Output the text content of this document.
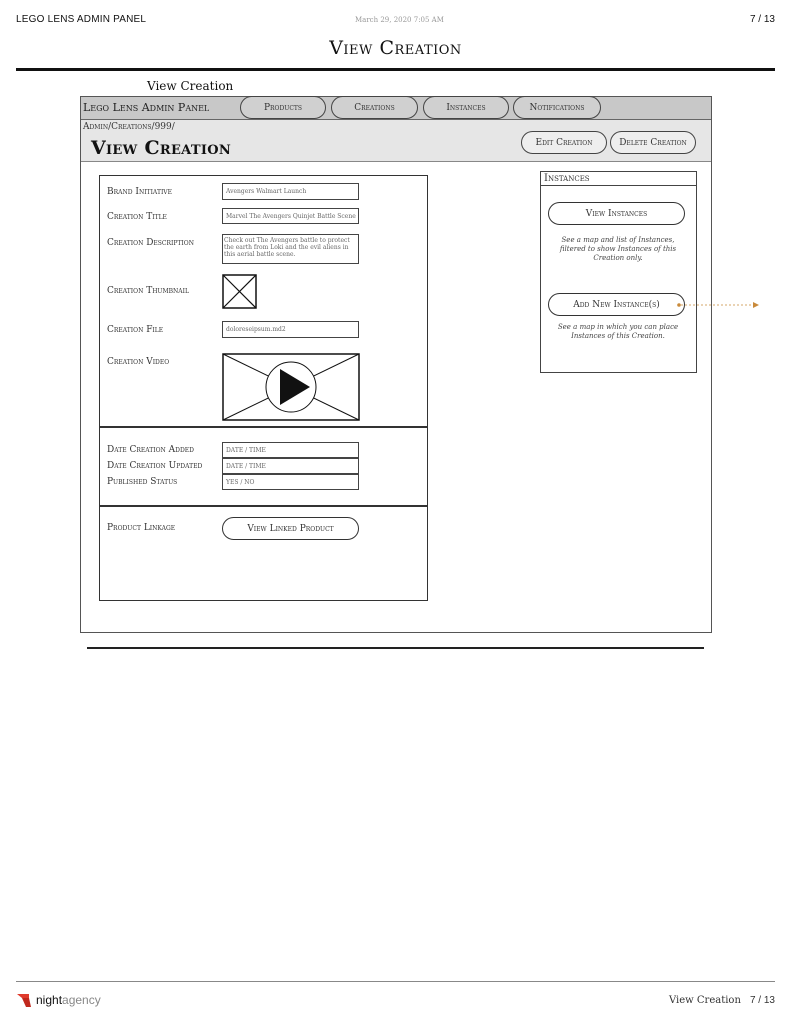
LEGO LENS ADMIN PANEL	March 29, 2020 7:05 AM	7 / 13
View Creation
View Creation
Lego Lens Admin Panel	Products	Creations	Instances	Notifications
Admin/Creations/999/
View Creation	Edit Creation	Delete Creation
Brand Initiative	Avengers Walmart Launch
Creation Title	Marvel The Avengers Quinjet Battle Scene
Creation Description	Check out The Avengers battle to protect the earth from Loki and the evil aliens in this aerial battle scene.
Creation Thumbnail
Creation File	doloreseipsum.md2
Creation Video
Date Creation Added	DATE / TIME
Date Creation Updated	DATE / TIME
Published Status	YES / NO
Product Linkage	View Linked Product
Instances
View Instances
See a map and list of Instances, filtered to show Instances of this Creation only.
Add New Instance(s)
See a map in which you can place Instances of this Creation.
night agency	View Creation 7 / 13
